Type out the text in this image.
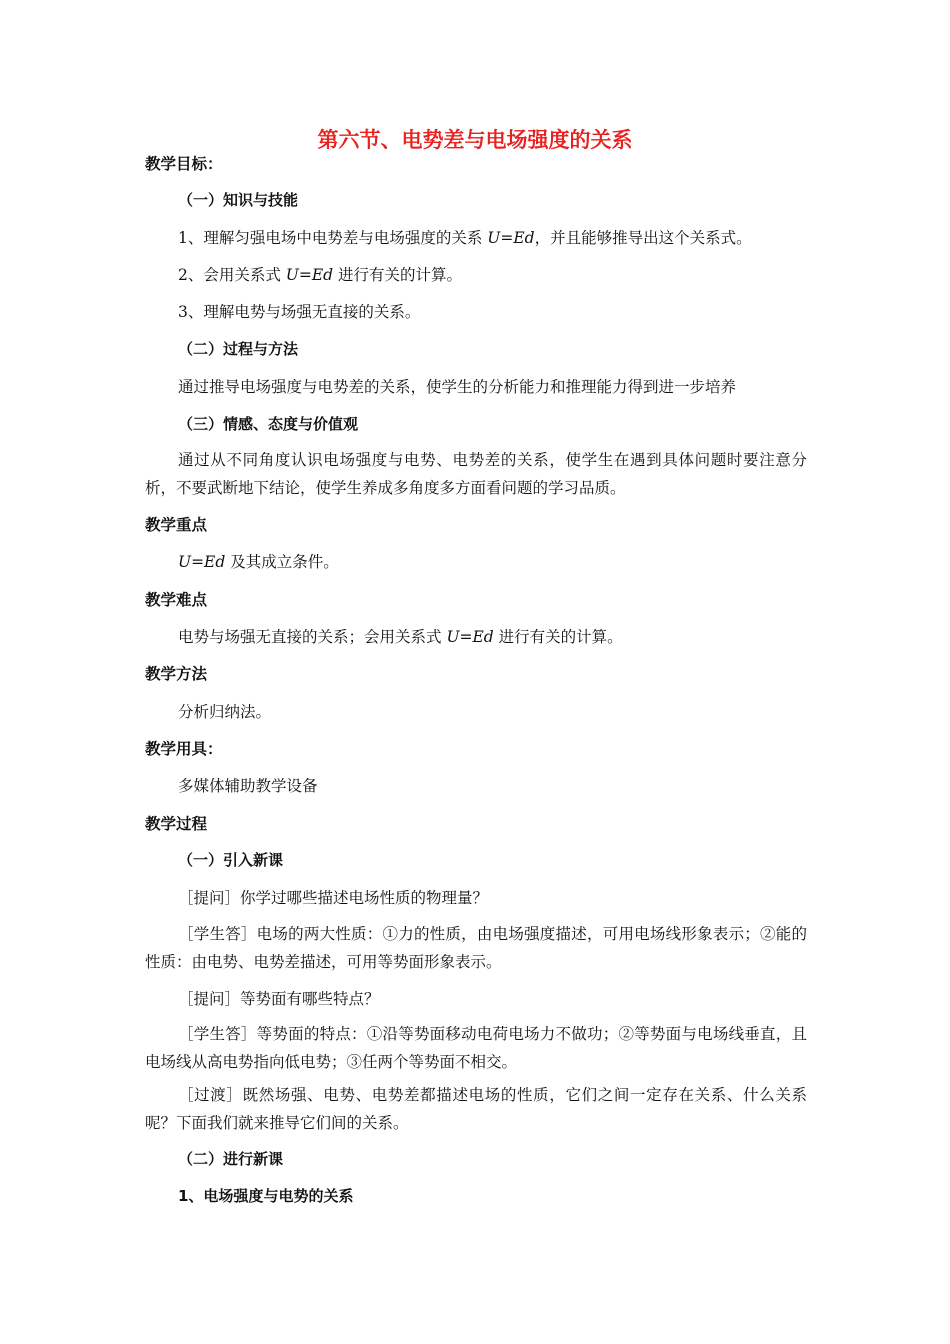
第六节、电势差与电场强度的关系
教学目标：
（一）知识与技能
1、理解匀强电场中电势差与电场强度的关系 U=Ed，并且能够推导出这个关系式。
2、会用关系式 U=Ed 进行有关的计算。
3、理解电势与场强无直接的关系。
（二）过程与方法
通过推导电场强度与电势差的关系，使学生的分析能力和推理能力得到进一步培养
（三）情感、态度与价值观
通过从不同角度认识电场强度与电势、电势差的关系，使学生在遇到具体问题时要注意分析，不要武断地下结论，使学生养成多角度多方面看问题的学习品质。
教学重点
U=Ed 及其成立条件。
教学难点
电势与场强无直接的关系；会用关系式 U=Ed 进行有关的计算。
教学方法
分析归纳法。
教学用具：
多媒体辅助教学设备
教学过程
（一）引入新课
［提问］你学过哪些描述电场性质的物理量？
［学生答］电场的两大性质：①力的性质，由电场强度描述，可用电场线形象表示；②能的性质：由电势、电势差描述，可用等势面形象表示。
［提问］等势面有哪些特点？
［学生答］等势面的特点：①沿等势面移动电荷电场力不做功；②等势面与电场线垂直，且电场线从高电势指向低电势；③任两个等势面不相交。
［过渡］既然场强、电势、电势差都描述电场的性质，它们之间一定存在关系、什么关系呢？下面我们就来推导它们间的关系。
（二）进行新课
1、电场强度与电势的关系
